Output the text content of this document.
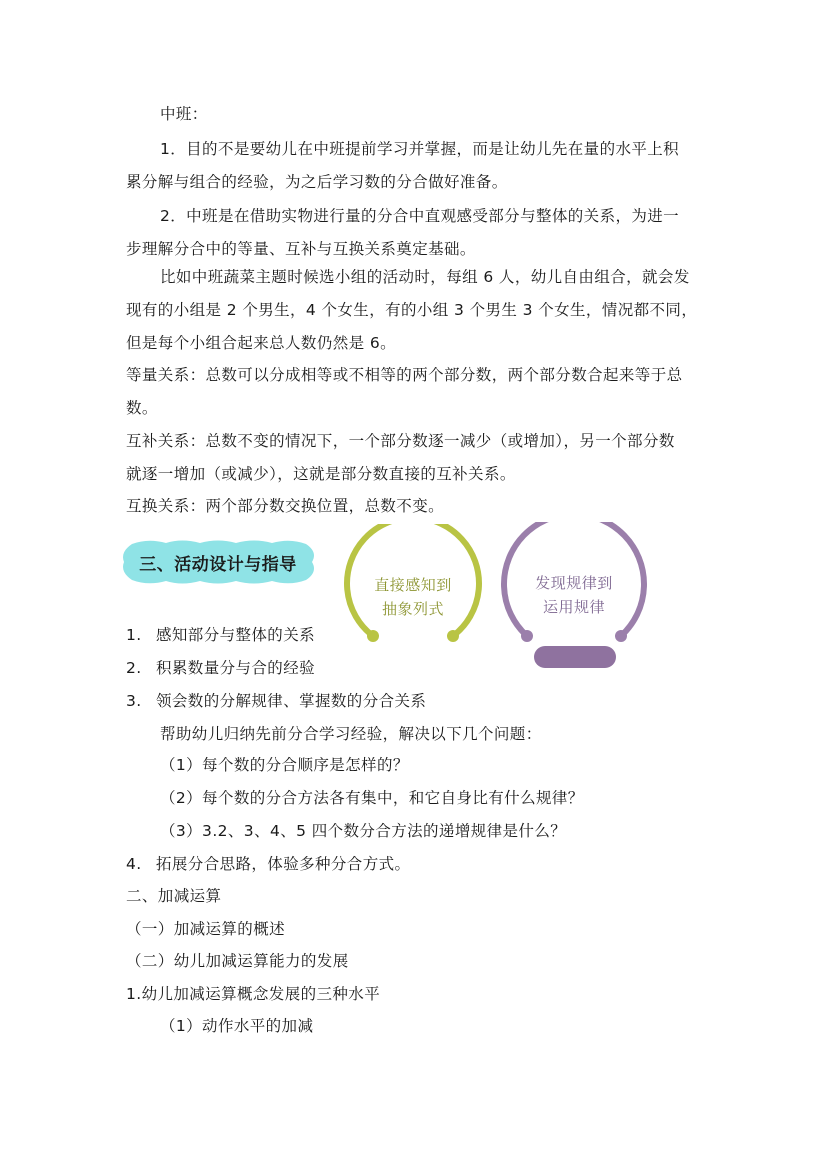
中班：
1．目的不是要幼儿在中班提前学习并掌握，而是让幼儿先在量的水平上积
累分解与组合的经验，为之后学习数的分合做好准备。
2．中班是在借助实物进行量的分合中直观感受部分与整体的关系，为进一
步理解分合中的等量、互补与互换关系奠定基础。
比如中班蔬菜主题时候选小组的活动时，每组 6 人，幼儿自由组合，就会发
现有的小组是 2 个男生，4 个女生，有的小组 3 个男生 3 个女生，情况都不同，
但是每个小组合起来总人数仍然是 6。
等量关系：总数可以分成相等或不相等的两个部分数，两个部分数合起来等于总
数。
互补关系：总数不变的情况下，一个部分数逐一减少（或增加），另一个部分数
就逐一增加（或减少），这就是部分数直接的互补关系。
互换关系：两个部分数交换位置，总数不变。
三、活动设计与指导
直接感知到
抽象列式
发现规律到
运用规律
1. 感知部分与整体的关系
2. 积累数量分与合的经验
3. 领会数的分解规律、掌握数的分合关系
帮助幼儿归纳先前分合学习经验，解决以下几个问题：
（1）每个数的分合顺序是怎样的？
（2）每个数的分合方法各有集中，和它自身比有什么规律？
（3）3.2、3、4、5 四个数分合方法的递增规律是什么？
4. 拓展分合思路，体验多种分合方式。
二、加减运算
（一）加减运算的概述
（二）幼儿加减运算能力的发展
1.幼儿加减运算概念发展的三种水平
（1）动作水平的加减
